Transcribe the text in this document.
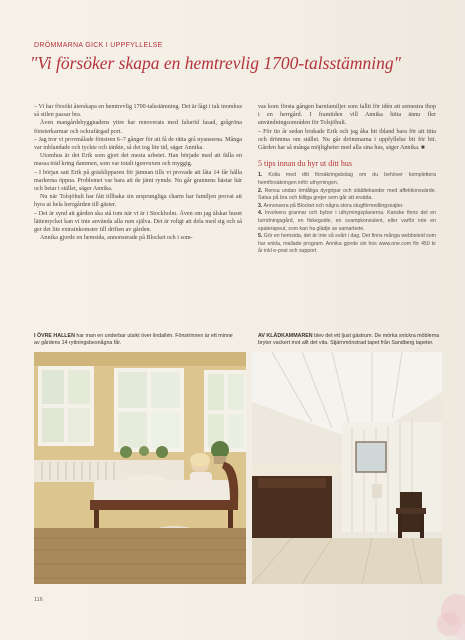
DRÖMMARNA GICK I UPPFYLLELSE
"Vi försöker skapa en hemtrevlig 1700-talsstämning"

– Vi har försökt återskapa en hemtrevlig 1700-talsstämning. Det är lågt i tak inomhus så stilen passar bra.

Även mangårdsbyggnadens yttre har renoverats med faluröd fasad, grågröna fönsterkarmar och ockrafärgad port.

– Jag tror vi provmålade fönstren 6–7 gånger för att få de rätta grå nyanserna. Många var inblandade och tyckte och tänkte, så det tog lite tid, säger Annika.

Utomhus är det Erik som gjort det mesta arbetet. Han började med att fälla en massa träd kring dammen, som var totalt igenvuxen och myggig.

– I början satt Erik på gräsklipparen för jämnan tills vi provade att låta 14 får hålla markerna öppna. Problemet var bara att de jämt rymde. Nu går grannens hästar här och betar i stället, säger Annika.

Nu när Tolsjöhult har fått tillbaka sin ursprungliga charm har familjen provat att hyra ut hela herrgården till gäster.

– Det är synd att gården ska stå tom när vi är i Stockholm. Även om jag älskar huset lättemycket kan vi inte använda alla rum själva. Det är roligt att dela med sig och så ger det lite extrainkomster till driften av gården.

Annika gjorde en hemsida, annonserade på Blocket och i som-

vas kom första gången barnfamiljer som fallit för idén att semestra ihop i en herrgård. I framtiden vill Annika hitta ännu fler användningsområden för Tolsjöhult.

– För tio år sedan brukade Erik och jag åka hit ibland bara för att titta och drömma om stället. Nu går drömmarna i uppfyllelse bit för bit. Gården har så många möjligheter med alla sina hus, säger Annika. ■

5 tips innan du hyr ut ditt hus
1. Kolla med ditt försäkringsbolag om du behöver komplettera hemförsäkringen inför uthyrningen.
2. Rensa undan ömtåliga dyrgripar och stäldtekander med affektionsvärde. Satsa på bra och billiga grejer som går att ersätta.
3. Annonsera på Blocket och några stora stugförmedlingssajter.
4. Involvera grannar och bybor i uthyrningsplanerna. Kanske finns det en turridningsgård, en fiskeguide, en svampkonsulent, eller varför inte en spaterapeut, som kan ha glädje av samarbete.
5. Gör en hemsida, det är inte så svårt i dag. Det finns många webbsteid som har enkla, mallade program. Annika gjorde sin hos www.one.com för 450 kr år inkl e-post och support.
I ÖVRE HALLEN har man en underbar utsikt över lindallén. Fönstrinnen är ett minne av gårdens 14 ryttningsbesnågna får.
AV KLÄDKAMMAREN blev det ett ljust gästrum. De mörka snickra möblerna bryter vackert mot allt det vita. Stjärnmönstrad tapet från Sandberg tapeter.
116
